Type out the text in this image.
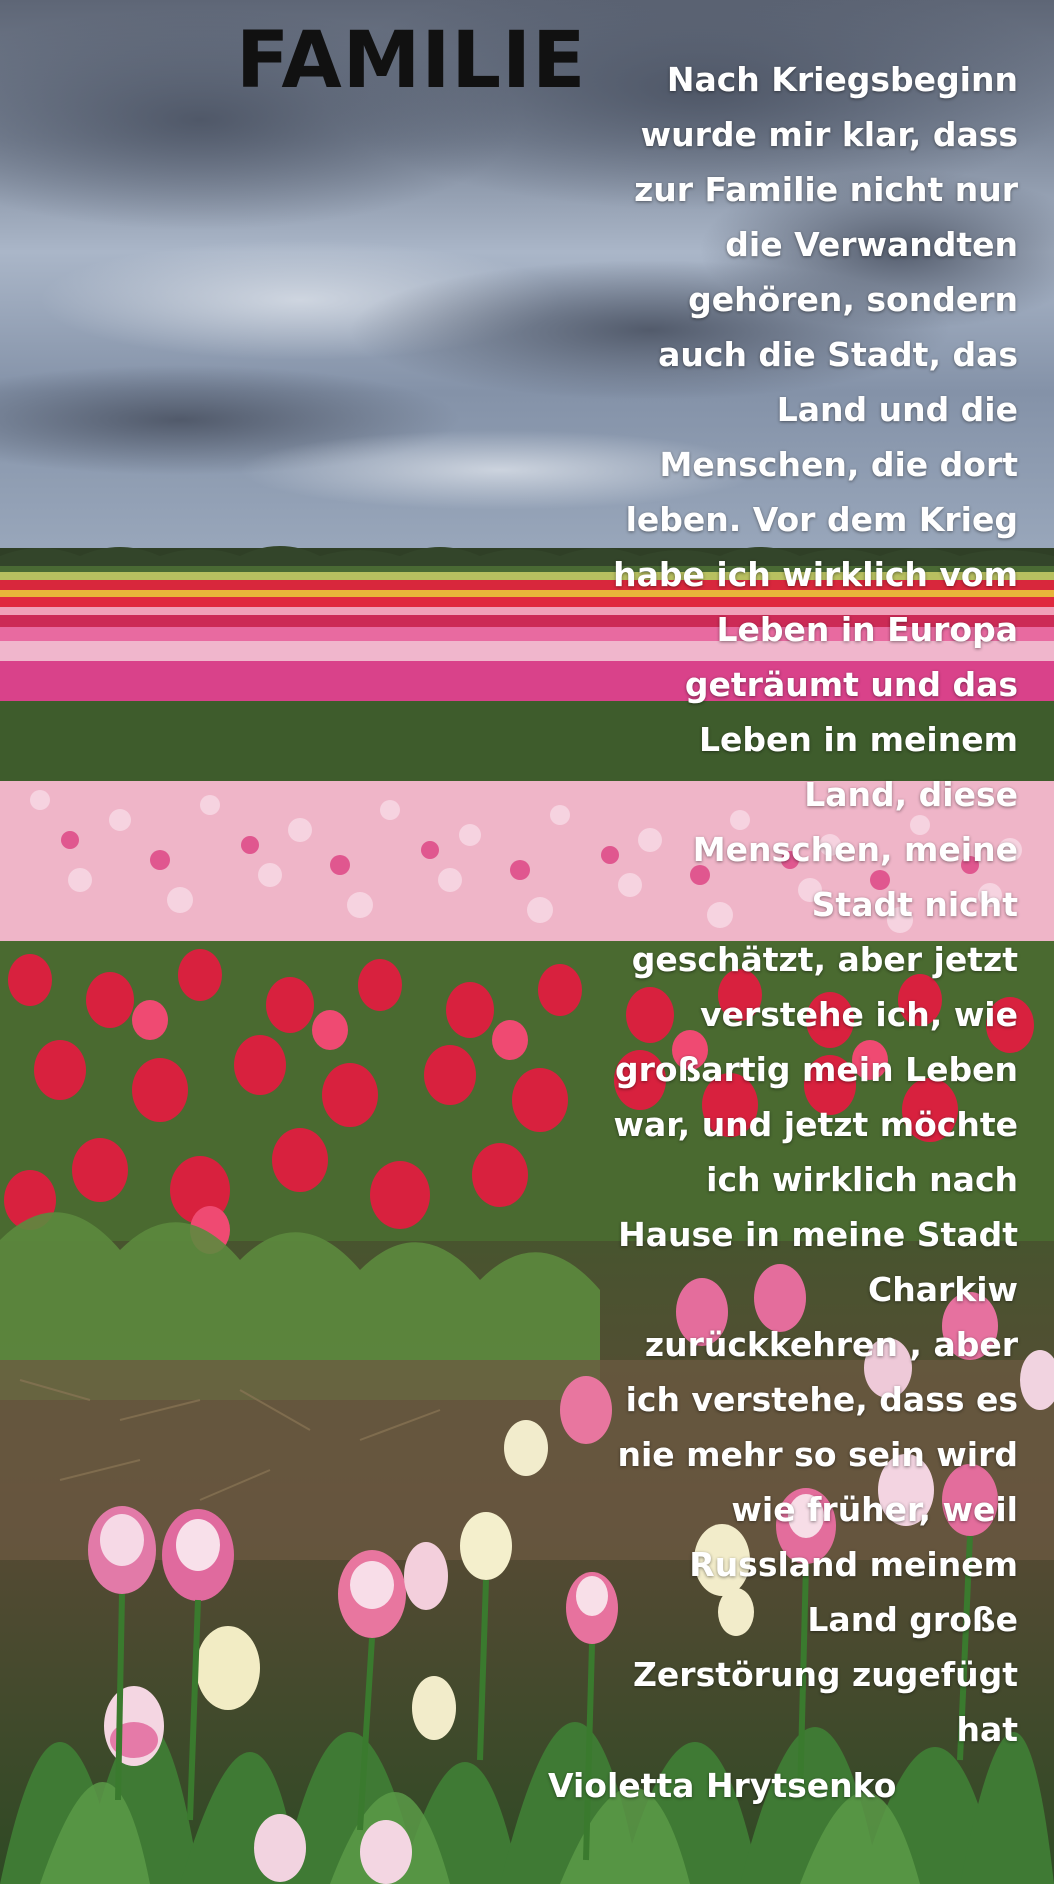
FAMILIE	Nach Kriegsbeginn
wurde mir klar, dass
zur Familie nicht nur
die Verwandten
gehören, sondern
auch die Stadt, das
Land und die
Menschen, die dort
leben. Vor dem Krieg
habe ich wirklich vom
Leben in Europa
geträumt und das
Leben in meinem
Land, diese
Menschen, meine
Stadt nicht
geschätzt, aber jetzt
verstehe ich, wie
großartig mein Leben
war, und jetzt möchte
ich wirklich nach
Hause in meine Stadt
Charkiw
zurückkehren , aber
ich verstehe, dass es
nie mehr so sein wird
wie früher, weil
Russland meinem
Land große
Zerstörung zugefügt
hat

Violetta Hrytsenko
